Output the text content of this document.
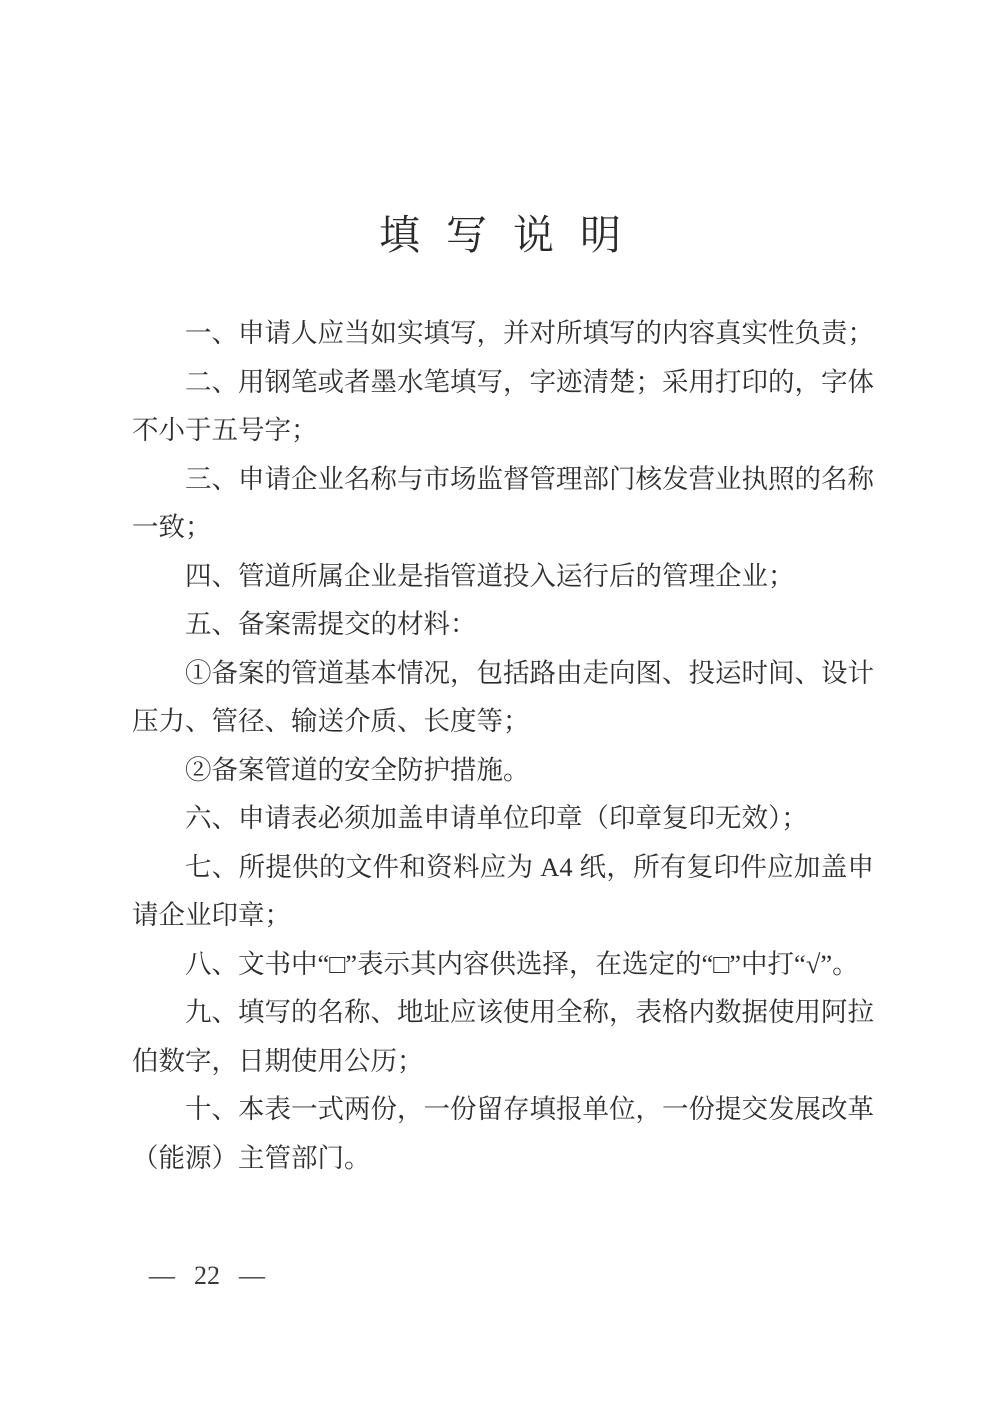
填写说明
一、申请人应当如实填写，并对所填写的内容真实性负责；
二、用钢笔或者墨水笔填写，字迹清楚；采用打印的，字体
不小于五号字；
三、申请企业名称与市场监督管理部门核发营业执照的名称
一致；
四、管道所属企业是指管道投入运行后的管理企业；
五、备案需提交的材料：
①备案的管道基本情况，包括路由走向图、投运时间、设计
压力、管径、输送介质、长度等；
②备案管道的安全防护措施。
六、申请表必须加盖申请单位印章（印章复印无效）；
七、所提供的文件和资料应为 A4 纸，所有复印件应加盖申
请企业印章；
八、文书中“□”表示其内容供选择，在选定的“□”中打“√”。
九、填写的名称、地址应该使用全称，表格内数据使用阿拉
伯数字，日期使用公历；
十、本表一式两份，一份留存填报单位，一份提交发展改革
（能源）主管部门。
— 22 —
